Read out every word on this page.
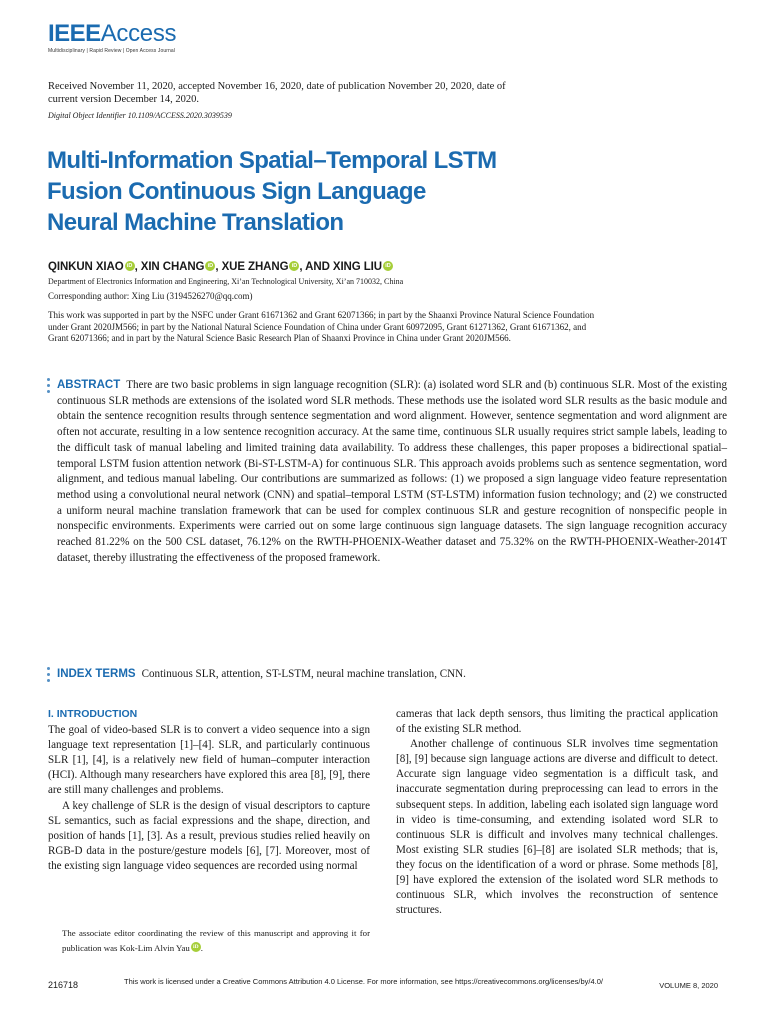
IEEEAccess
Multidisciplinary | Rapid Review | Open Access Journal
Received November 11, 2020, accepted November 16, 2020, date of publication November 20, 2020, date of current version December 14, 2020.
Digital Object Identifier 10.1109/ACCESS.2020.3039539
Multi-Information Spatial–Temporal LSTM
Fusion Continuous Sign Language
Neural Machine Translation
QINKUN XIAO iD , XIN CHANG iD , XUE ZHANG iD , AND XING LIU iD
Department of Electronics Information and Engineering, Xi’an Technological University, Xi’an 710032, China
Corresponding author: Xing Liu (3194526270@qq.com)
This work was supported in part by the NSFC under Grant 61671362 and Grant 62071366; in part by the Shaanxi Province Natural Science Foundation under Grant 2020JM566; in part by the National Natural Science Foundation of China under Grant 60972095, Grant 61271362, Grant 61671362, and Grant 62071366; and in part by the Natural Science Basic Research Plan of Shaanxi Province in China under Grant 2020JM566.

ABSTRACT There are two basic problems in sign language recognition (SLR): (a) isolated word SLR and (b) continuous SLR. Most of the existing continuous SLR methods are extensions of the isolated word SLR methods. These methods use the isolated word SLR results as the basic module and obtain the sentence recognition results through sentence segmentation and word alignment. However, sentence segmentation and word alignment are often not accurate, resulting in a low sentence recognition accuracy. At the same time, continuous SLR usually requires strict sample labels, leading to the difficult task of manual labeling and limited training data availability. To address these challenges, this paper proposes a bidirectional spatial–temporal LSTM fusion attention network (Bi-ST-LSTM-A) for continuous SLR. This approach avoids problems such as sentence segmentation, word alignment, and tedious manual labeling. Our contributions are summarized as follows: (1) we proposed a sign language video feature representation method using a convolutional neural network (CNN) and spatial–temporal LSTM (ST-LSTM) information fusion technology; and (2) we constructed a uniform neural machine translation framework that can be used for complex continuous SLR and gesture recognition of nonspecific people in nonspecific environments. Experiments were carried out on some large continuous sign language datasets. The sign language recognition accuracy reached 81.22% on the 500 CSL dataset, 76.12% on the RWTH-PHOENIX-Weather dataset and 75.32% on the RWTH-PHOENIX-Weather-2014T dataset, thereby illustrating the effectiveness of the proposed framework.

INDEX TERMS Continuous SLR, attention, ST-LSTM, neural machine translation, CNN.
I. INTRODUCTION

The goal of video-based SLR is to convert a video sequence into a sign language text representation [1]–[4]. SLR, and particularly continuous SLR [1], [4], is a relatively new field of human–computer interaction (HCI). Although many researchers have explored this area [8], [9], there are still many challenges and problems.

A key challenge of SLR is the design of visual descriptors to capture SL semantics, such as facial expressions and the shape, direction, and position of hands [1], [3]. As a result, previous studies relied heavily on RGB-D data in the posture/gesture models [6], [7]. Moreover, most of the existing sign language video sequences are recorded using normal

cameras that lack depth sensors, thus limiting the practical application of the existing SLR method.

Another challenge of continuous SLR involves time segmentation [8], [9] because sign language actions are diverse and difficult to detect. Accurate sign language video segmentation is a difficult task, and inaccurate segmentation during preprocessing can lead to errors in the subsequent steps. In addition, labeling each isolated sign language word in video is time-consuming, and extending isolated word SLR to continuous SLR is difficult and involves many technical challenges. Most existing SLR studies [6]–[8] are isolated SLR methods; that is, they focus on the identification of a word or phrase. Some methods [8], [9] have explored the extension of the isolated word SLR methods to continuous SLR, which involves the reconstruction of sentence structures.

The associate editor coordinating the review of this manuscript and approving it for publication was Kok-Lim Alvin Yau iD .
216718	This work is licensed under a Creative Commons Attribution 4.0 License. For more information, see https://creativecommons.org/licenses/by/4.0/	VOLUME 8, 2020
